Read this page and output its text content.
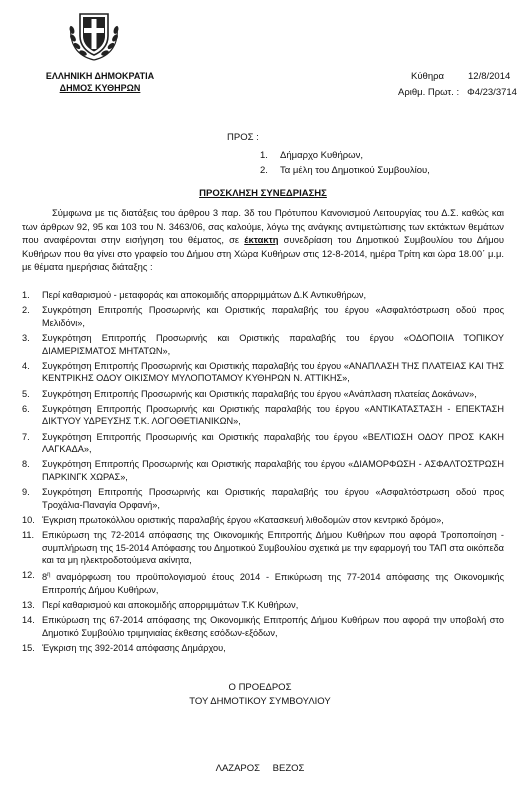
ΕΛΛΗΝΙΚΗ ΔΗΜΟΚΡΑΤΙΑ
ΔΗΜΟΣ ΚΥΘΗΡΩΝ
Κύθηρα	12/8/2014
Αριθμ. Πρωτ. : Φ4/23/3714
ΠΡΟΣ :
1. Δήμαρχο Κυθήρων,
2. Τα μέλη του Δημοτικού Συμβουλίου,
ΠΡΟΣΚΛΗΣΗ ΣΥΝΕΔΡΙΑΣΗΣ

Σύμφωνα με τις διατάξεις του άρθρου 3 παρ. 3δ του Πρότυπου Κανονισμού Λειτουργίας του Δ.Σ. καθώς και των άρθρων 92, 95 και 103 του Ν. 3463/06, σας καλούμε, λόγω της ανάγκης αντιμετώπισης των εκτάκτων θεμάτων που αναφέρονται στην εισήγηση του θέματος, σε έκτακτη συνεδρίαση του Δημοτικού Συμβουλίου του Δήμου Κυθήρων που θα γίνει στο γραφείο του Δήμου στη Χώρα Κυθήρων στις 12-8-2014, ημέρα Τρίτη και ώρα 18.00΄ μ.μ. με θέματα ημερήσιας διάταξης :

1.	Περί καθαρισμού - μεταφοράς και αποκομιδής απορριμμάτων Δ.Κ Αντικυθήρων,
2.	Συγκρότηση Επιτροπής Προσωρινής και Οριστικής παραλαβής του έργου «Ασφαλτόστρωση οδού προς Μελιδόνι»,
3.	Συγκρότηση Επιτροπής Προσωρινής και Οριστικής παραλαβής του έργου «ΟΔΟΠΟΙΙΑ ΤΟΠΙΚΟΥ ΔΙΑΜΕΡΙΣΜΑΤΟΣ ΜΗΤΑΤΩΝ»,
4.	Συγκρότηση Επιτροπής Προσωρινής και Οριστικής παραλαβής του έργου «ΑΝΑΠΛΑΣΗ ΤΗΣ ΠΛΑΤΕΙΑΣ ΚΑΙ ΤΗΣ ΚΕΝΤΡΙΚΗΣ ΟΔΟΥ ΟΙΚΙΣΜΟΥ ΜΥΛΟΠΟΤΑΜΟΥ ΚΥΘΗΡΩΝ Ν. ΑΤΤΙΚΗΣ»,
5.	Συγκρότηση Επιτροπής Προσωρινής και Οριστικής παραλαβής του έργου «Ανάπλαση πλατείας Δοκάνων»,
6.	Συγκρότηση Επιτροπής Προσωρινής και Οριστικής παραλαβής του έργου «ΑΝΤΙΚΑΤΑΣΤΑΣΗ - ΕΠΕΚΤΑΣΗ ΔΙΚΤΥΟΥ ΥΔΡΕΥΣΗΣ Τ.Κ. ΛΟΓΟΘΕΤΙΑΝΙΚΩΝ»,
7.	Συγκρότηση Επιτροπής Προσωρινής και Οριστικής παραλαβής του έργου «ΒΕΛΤΙΩΣΗ ΟΔΟΥ ΠΡΟΣ ΚΑΚΗ ΛΑΓΚΑΔΑ»,
8.	Συγκρότηση Επιτροπής Προσωρινής και Οριστικής παραλαβής του έργου «ΔΙΑΜΟΡΦΩΣΗ - ΑΣΦΑΛΤΟΣΤΡΩΣΗ ΠΑΡΚΙΝΓΚ ΧΩΡΑΣ»,
9.	Συγκρότηση Επιτροπής Προσωρινής και Οριστικής παραλαβής του έργου «Ασφαλτόστρωση οδού προς Τροχάλια-Παναγία Ορφανή»,
10. Έγκριση πρωτοκόλλου οριστικής παραλαβής έργου «Κατασκευή λιθοδομών στον κεντρικό δρόμο»,
11. Επικύρωση της 72-2014 απόφασης της Οικονομικής Επιτροπής Δήμου Κυθήρων που αφορά Τροποποίηση - συμπλήρωση της 15-2014 Απόφασης του Δημοτικού Συμβουλίου σχετικά με την εφαρμογή του ΤΑΠ στα οικόπεδα και τα μη ηλεκτροδοτούμενα ακίνητα,
12. $8^\eta$ αναμόρφωση του προϋπολογισμού έτους 2014 - Επικύρωση της 77-2014 απόφασης της Οικονομικής Επιτροπής Δήμου Κυθήρων,
13. Περί καθαρισμού και αποκομιδής απορριμμάτων Τ.Κ Κυθήρων,
14. Επικύρωση της 67-2014 απόφασης της Οικονομικής Επιτροπής Δήμου Κυθήρων που αφορά την υποβολή στο Δημοτικό Συμβούλιο τριμηνιαίας έκθεσης εσόδων-εξόδων,
15. Έγκριση της 392-2014 απόφασης Δημάρχου,
Ο ΠΡΟΕΔΡΟΣ
ΤΟΥ ΔΗΜΟΤΙΚΟΥ ΣΥΜΒΟΥΛΙΟΥ
ΛΑΖΑΡΟΣ ΒΕΖΟΣ
